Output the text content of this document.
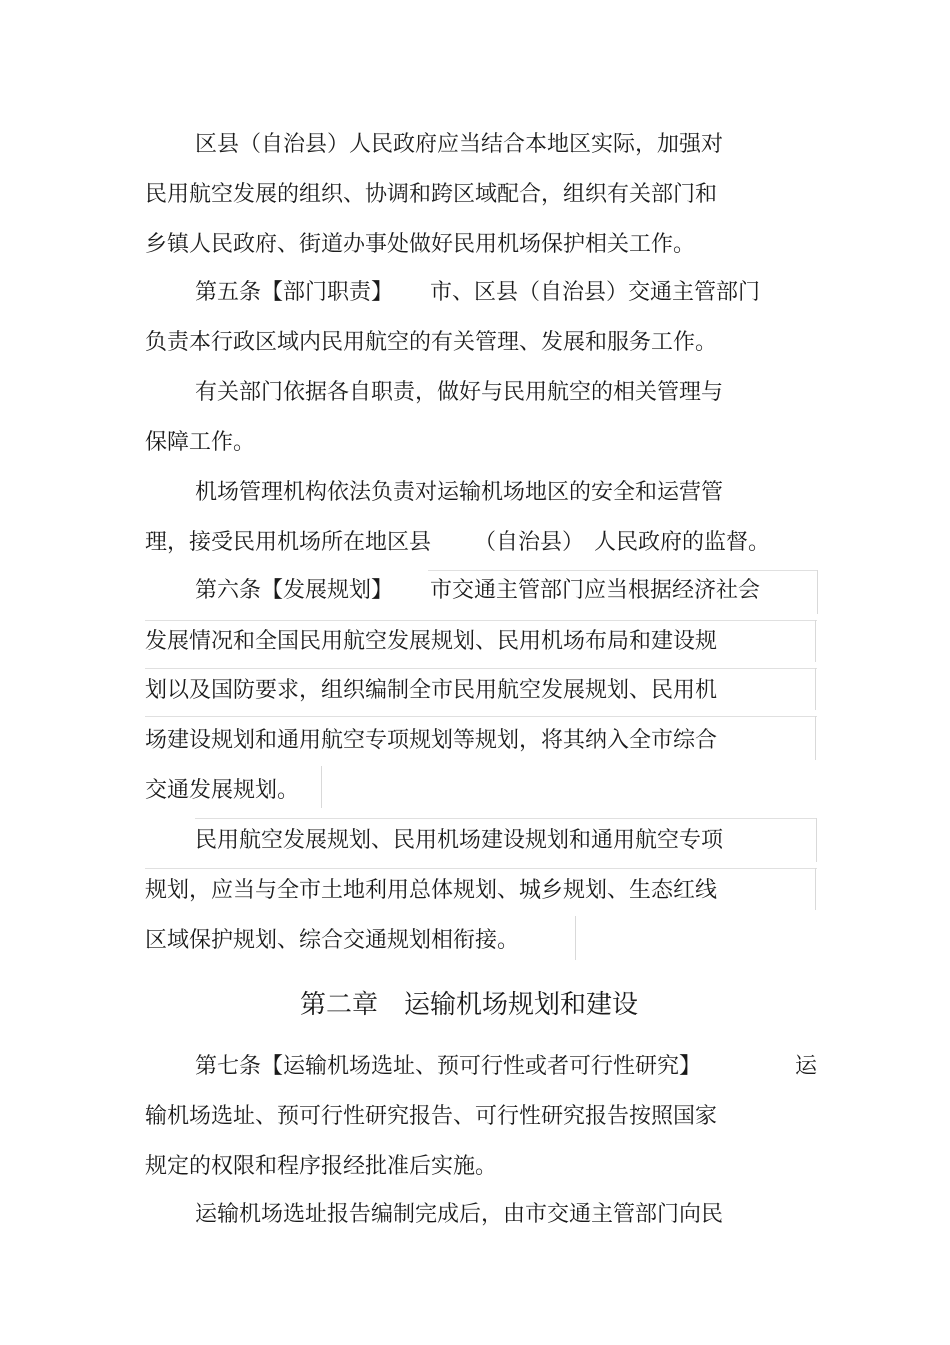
区县（自治县）人民政府应当结合本地区实际，加强对
民用航空发展的组织、协调和跨区域配合，组织有关部门和
乡镇人民政府、街道办事处做好民用机场保护相关工作。
第五条【部门职责】 市、区县（自治县）交通主管部门
负责本行政区域内民用航空的有关管理、发展和服务工作。
有关部门依据各自职责，做好与民用航空的相关管理与
保障工作。
机场管理机构依法负责对运输机场地区的安全和运营管
理，接受民用机场所在地区县 （自治县） 人民政府的监督。
第六条【发展规划】 市交通主管部门应当根据经济社会
发展情况和全国民用航空发展规划、民用机场布局和建设规
划以及国防要求，组织编制全市民用航空发展规划、民用机
场建设规划和通用航空专项规划等规划，将其纳入全市综合
交通发展规划。
民用航空发展规划、民用机场建设规划和通用航空专项
规划，应当与全市土地利用总体规划、城乡规划、生态红线
区域保护规划、综合交通规划相衔接。
第二章　运输机场规划和建设
第七条【运输机场选址、预可行性或者可行性研究】	运
输机场选址、预可行性研究报告、可行性研究报告按照国家
规定的权限和程序报经批准后实施。
运输机场选址报告编制完成后，由市交通主管部门向民
